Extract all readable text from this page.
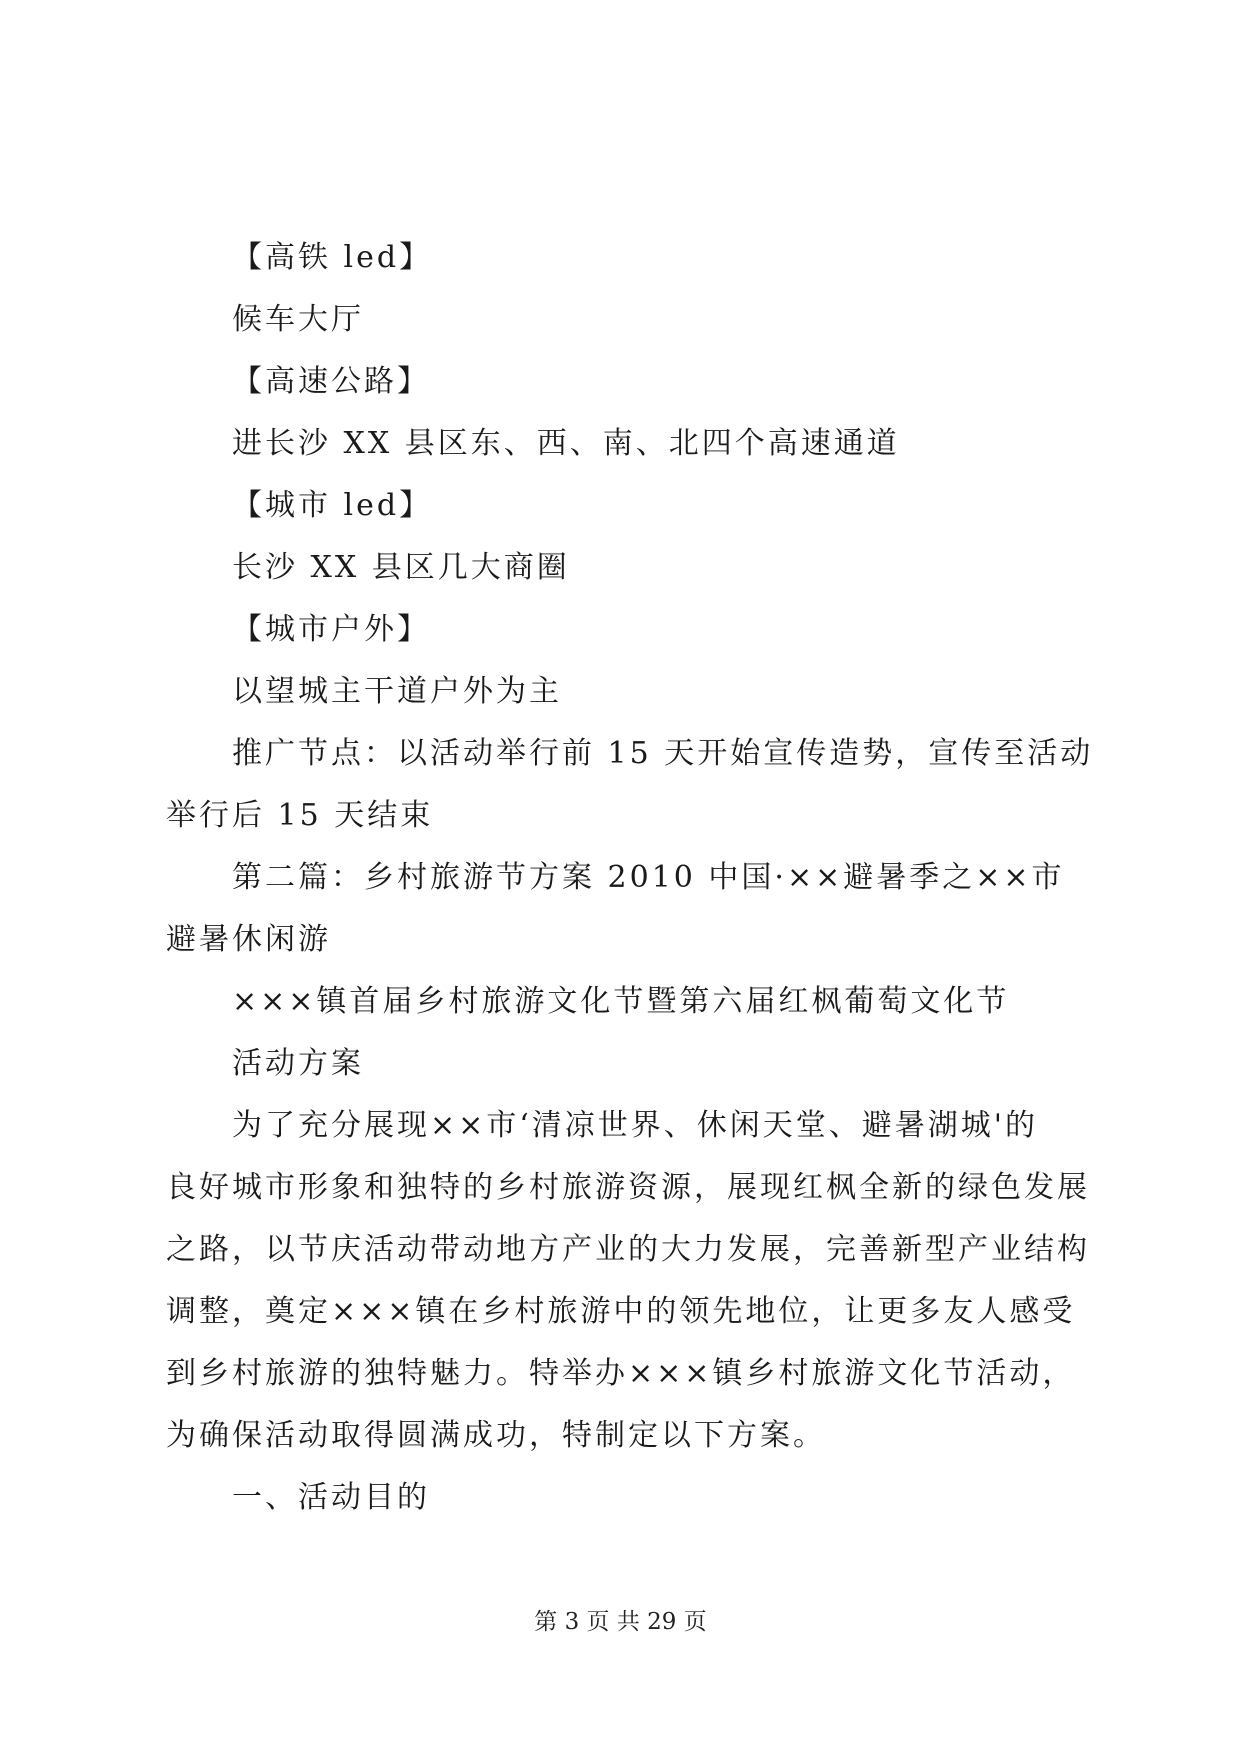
【高铁 led】
候车大厅
【高速公路】
进长沙 XX 县区东、西、南、北四个高速通道
【城市 led】
长沙 XX 县区几大商圈
【城市户外】
以望城主干道户外为主
推广节点：以活动举行前 15 天开始宣传造势，宣传至活动
举行后 15 天结束
第二篇：乡村旅游节方案 2010 中国·××避暑季之××市
避暑休闲游
×××镇首届乡村旅游文化节暨第六届红枫葡萄文化节
活动方案
为了充分展现××市‘清凉世界、休闲天堂、避暑湖城'的
良好城市形象和独特的乡村旅游资源，展现红枫全新的绿色发展
之路，以节庆活动带动地方产业的大力发展，完善新型产业结构
调整，奠定×××镇在乡村旅游中的领先地位，让更多友人感受
到乡村旅游的独特魅力。特举办×××镇乡村旅游文化节活动，
为确保活动取得圆满成功，特制定以下方案。
一、活动目的
第 3 页 共 29 页
